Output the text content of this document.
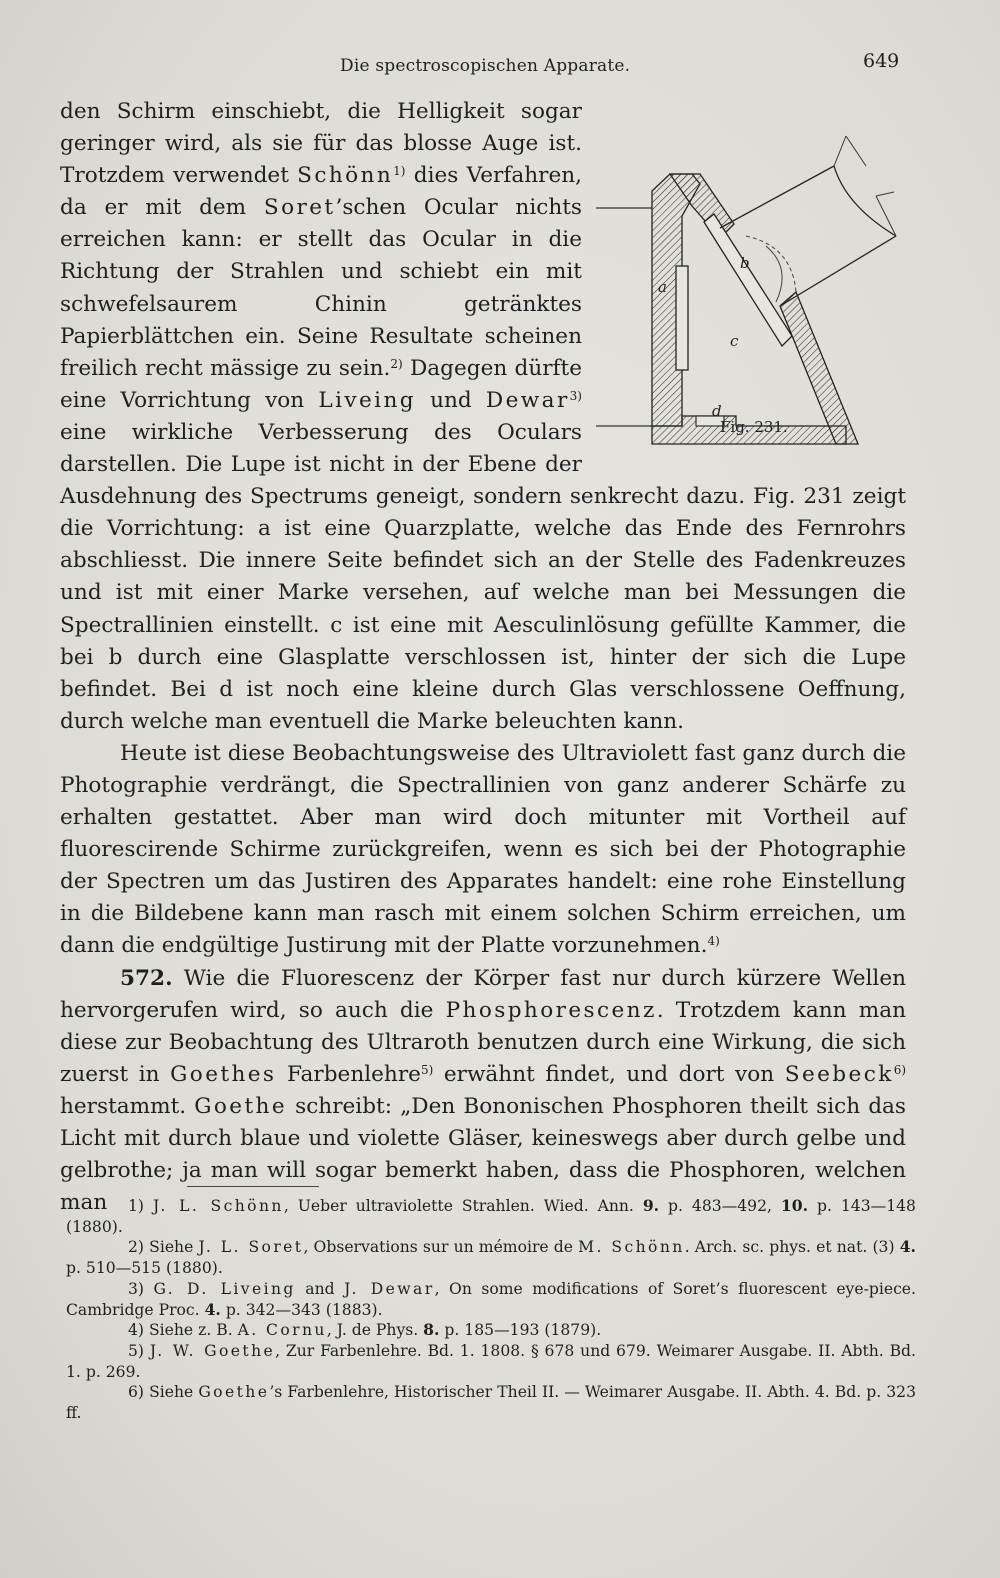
Die spectroscopischen Apparate.	649

a
b
c
d
Fig. 231.
den Schirm einschiebt, die Helligkeit sogar geringer wird, als sie für das blosse Auge ist. Trotzdem verwendet Schönn$^{1)}$ dies Verfahren, da er mit dem Soret’schen Ocular nichts erreichen kann: er stellt das Ocular in die Richtung der Strahlen und schiebt ein mit schwefelsaurem Chinin getränktes Papierblättchen ein. Seine Resultate scheinen freilich recht mässige zu sein.$^{2)}$ Dagegen dürfte eine Vorrichtung von Liveing und Dewar$^{3)}$ eine wirkliche Verbesserung des Oculars darstellen. Die Lupe ist nicht in der Ebene der Ausdehnung des Spectrums geneigt, sondern senkrecht dazu. Fig. 231 zeigt die Vorrichtung: a ist eine Quarzplatte, welche das Ende des Fernrohrs abschliesst. Die innere Seite befindet sich an der Stelle des Fadenkreuzes und ist mit einer Marke versehen, auf welche man bei Messungen die Spectrallinien einstellt. c ist eine mit Aesculinlösung gefüllte Kammer, die bei b durch eine Glasplatte verschlossen ist, hinter der sich die Lupe befindet. Bei d ist noch eine kleine durch Glas verschlossene Oeffnung, durch welche man eventuell die Marke beleuchten kann.

Heute ist diese Beobachtungsweise des Ultraviolett fast ganz durch die Photographie verdrängt, die Spectrallinien von ganz anderer Schärfe zu erhalten gestattet. Aber man wird doch mitunter mit Vortheil auf fluorescirende Schirme zurückgreifen, wenn es sich bei der Photographie der Spectren um das Justiren des Apparates handelt: eine rohe Einstellung in die Bildebene kann man rasch mit einem solchen Schirm erreichen, um dann die endgültige Justirung mit der Platte vorzunehmen.$^{4)}$

572. Wie die Fluorescenz der Körper fast nur durch kürzere Wellen hervorgerufen wird, so auch die Phosphorescenz. Trotzdem kann man diese zur Beobachtung des Ultraroth benutzen durch eine Wirkung, die sich zuerst in Goethes Farbenlehre$^{5)}$ erwähnt findet, und dort von Seebeck$^{6)}$ herstammt. Goethe schreibt: „Den Bononischen Phosphoren theilt sich das Licht mit durch blaue und violette Gläser, keineswegs aber durch gelbe und gelbrothe; ja man will sogar bemerkt haben, dass die Phosphoren, welchen man	1) J. L. Schönn, Ueber ultraviolette Strahlen. Wied. Ann. 9. p. 483—492, 10. p. 143—148 (1880).

2) Siehe J. L. Soret, Observations sur un mémoire de M. Schönn. Arch. sc. phys. et nat. (3) 4. p. 510—515 (1880).

3) G. D. Liveing and J. Dewar, On some modifications of Soret’s fluorescent eye-piece. Cambridge Proc. 4. p. 342—343 (1883).

4) Siehe z. B. A. Cornu, J. de Phys. 8. p. 185—193 (1879).

5) J. W. Goethe, Zur Farbenlehre. Bd. 1. 1808. § 678 und 679. Weimarer Ausgabe. II. Abth. Bd. 1. p. 269.

6) Siehe Goethe’s Farbenlehre, Historischer Theil II. — Weimarer Ausgabe. II. Abth. 4. Bd. p. 323 ff.
